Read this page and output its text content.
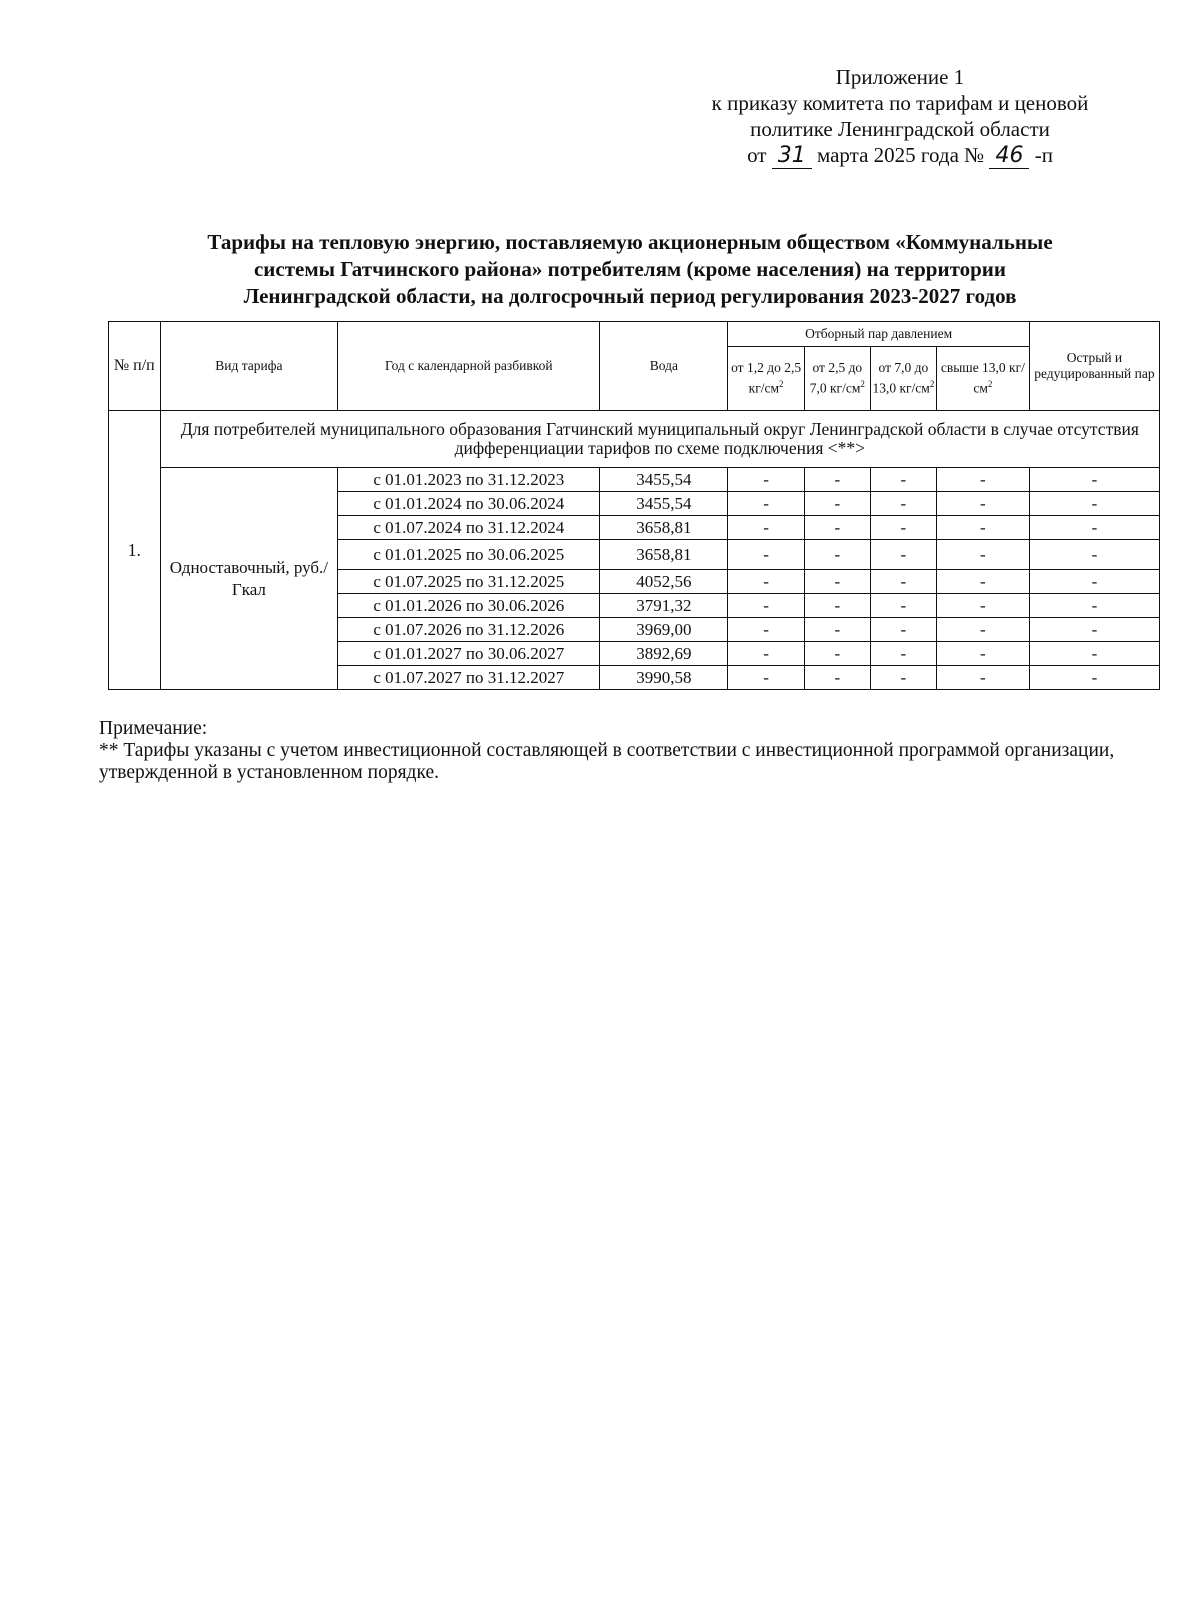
Приложение 1
к приказу комитета по тарифам и ценовой
политике Ленинградской области
от 31 марта 2025 года № 46 -п
Тарифы на тепловую энергию, поставляемую акционерным обществом «Коммунальные
системы Гатчинского района» потребителям (кроме населения) на территории
Ленинградской области, на долгосрочный период регулирования 2023-2027 годов
№ п/п	Вид тарифа	Год с календарной разбивкой	Вода	Отборный пар давлением				Острый и редуцированный пар
				от 1,2 до 2,5 $кг/см^2$	от 2,5 до 7,0 $кг/см^2$	от 7,0 до 13,0 $кг/см^2$	свыше 13,0 $кг/см^2$
1.	Для потребителей муниципального образования Гатчинский муниципальный округ Ленинградской области в случае отсутствия дифференциации тарифов по схеме подключения <**>							
	Одноставочный, руб./Гкал	с 01.01.2023 по 31.12.2023	3455,54	-	-	-	-	-
		с 01.01.2024 по 30.06.2024	3455,54	-	-	-	-	-
		с 01.07.2024 по 31.12.2024	3658,81	-	-	-	-	-
		с 01.01.2025 по 30.06.2025	3658,81	-	-	-	-	-
		с 01.07.2025 по 31.12.2025	4052,56	-	-	-	-	-
		с 01.01.2026 по 30.06.2026	3791,32	-	-	-	-	-
		с 01.07.2026 по 31.12.2026	3969,00	-	-	-	-	-
		с 01.01.2027 по 30.06.2027	3892,69	-	-	-	-	-
		с 01.07.2027 по 31.12.2027	3990,58	-	-	-	-	-
Примечание:
** Тарифы указаны с учетом инвестиционной составляющей в соответствии с инвестиционной программой организации, утвержденной в установленном порядке.
